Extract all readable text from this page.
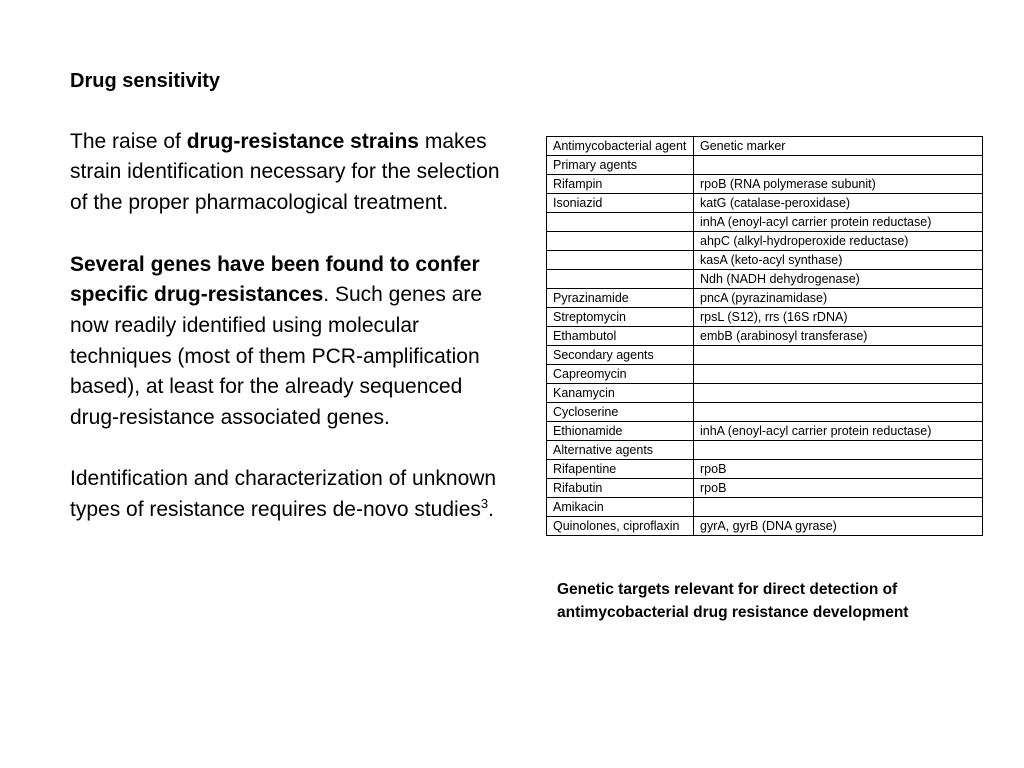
Drug sensitivity

The raise of drug-resistance strains makes strain identification necessary for the selection of the proper pharmacological treatment.

Several genes have been found to confer specific drug-resistances. Such genes are now readily identified using molecular techniques (most of them PCR-amplification based), at least for the already sequenced drug-resistance associated genes.

Identification and characterization of unknown types of resistance requires de-novo studies$^3$.

Antimycobacterial agent	Genetic marker
Primary agents	
Rifampin	rpoB (RNA polymerase subunit)
Isoniazid	katG (catalase-peroxidase)
	inhA (enoyl-acyl carrier protein reductase)
	ahpC (alkyl-hydroperoxide reductase)
	kasA (keto-acyl synthase)
	Ndh (NADH dehydrogenase)
Pyrazinamide	pncA (pyrazinamidase)
Streptomycin	rpsL (S12), rrs (16S rDNA)
Ethambutol	embB (arabinosyl transferase)
Secondary agents	
Capreomycin	
Kanamycin	
Cycloserine	
Ethionamide	inhA (enoyl-acyl carrier protein reductase)
Alternative agents	
Rifapentine	rpoB
Rifabutin	rpoB
Amikacin	
Quinolones, ciproflaxin	gyrA, gyrB (DNA gyrase)
Genetic targets relevant for direct detection of antimycobacterial drug resistance development
